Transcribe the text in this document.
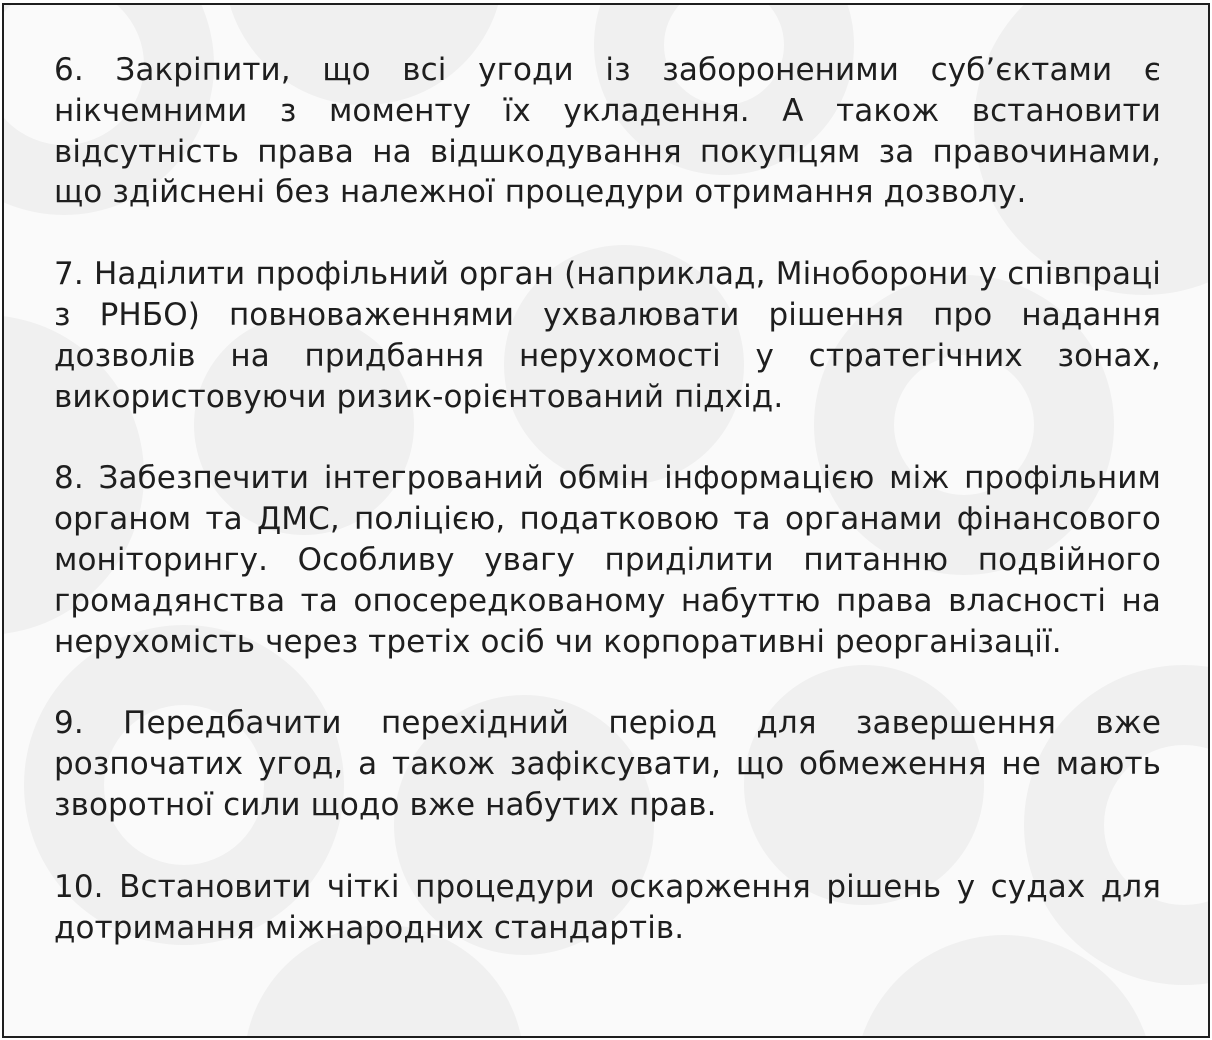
6. Закріпити, що всі угоди із забороненими суб’єктами є нікчемними з моменту їх укладення. А також встановити відсутність права на відшкодування покупцям за правочинами, що здійснені без належної процедури отримання дозволу.

7. Наділити профільний орган (наприклад, Міноборони у співпраці з РНБО) повноваженнями ухвалювати рішення про надання дозволів на придбання нерухомості у стратегічних зонах, використовуючи ризик-орієнтований підхід.

8. Забезпечити інтегрований обмін інформацією між профільним органом та ДМС, поліцією, податковою та органами фінансового моніторингу. Особливу увагу приділити питанню подвійного громадянства та опосередкованому набуттю права власності на нерухомість через третіх осіб чи корпоративні реорганізації.

9. Передбачити перехідний період для завершення вже розпочатих угод, а також зафіксувати, що обмеження не мають зворотної сили щодо вже набутих прав.

10. Встановити чіткі процедури оскарження рішень у судах для дотримання міжнародних стандартів.
